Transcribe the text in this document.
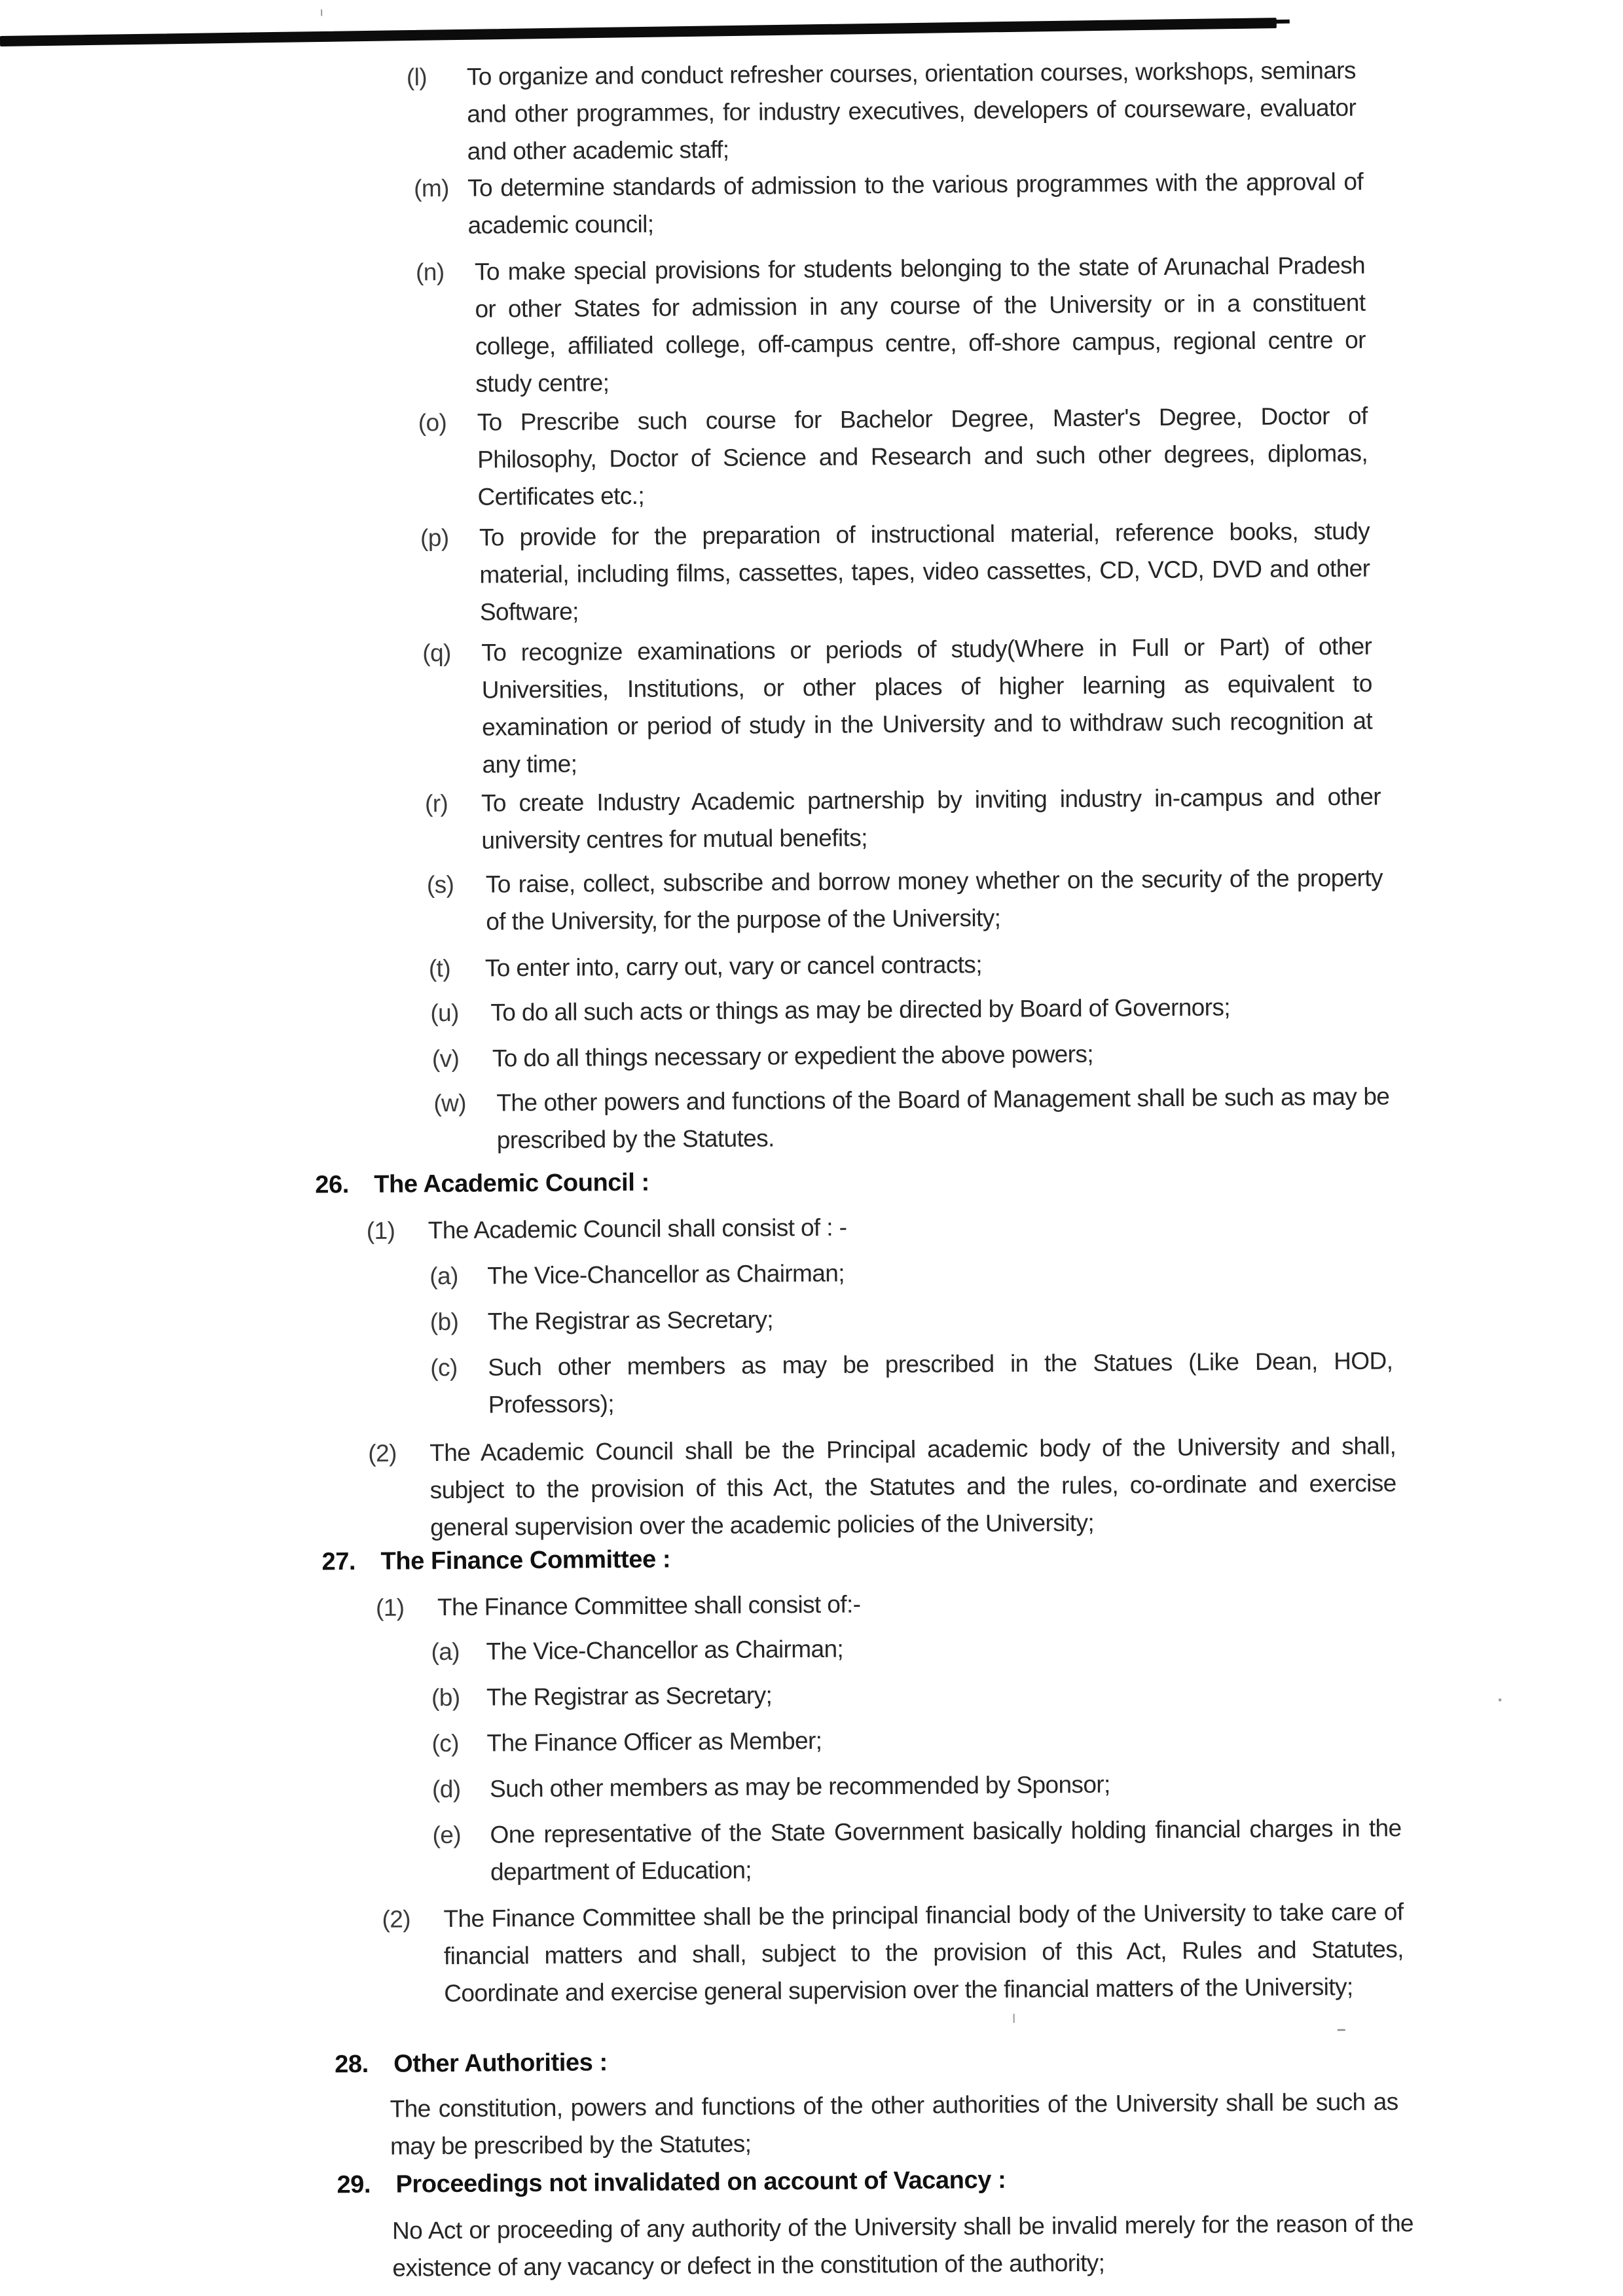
(l)	To organize and conduct refresher courses, orientation courses, workshops, seminars and other programmes, for industry executives, developers of courseware, evaluator and other academic staff;
(m) To determine standards of admission to the various programmes with the approval of academic council;
(n)	To make special provisions for students belonging to the state of Arunachal Pradesh or other States for admission in any course of the University or in a constituent college, affiliated college, off-campus centre, off-shore campus, regional centre or study centre;
(o)	To Prescribe such course for Bachelor Degree, Master's Degree, Doctor of Philosophy, Doctor of Science and Research and such other degrees, diplomas, Certificates etc.;
(p)	To provide for the preparation of instructional material, reference books, study material, including films, cassettes, tapes, video cassettes, CD, VCD, DVD and other Software;
(q)	To recognize examinations or periods of study(Where in Full or Part) of other Universities, Institutions, or other places of higher learning as equivalent to examination or period of study in the University and to withdraw such recognition at any time;
(r)	To create Industry Academic partnership by inviting industry in-campus and other university centres for mutual benefits;
(s)	To raise, collect, subscribe and borrow money whether on the security of the property of the University, for the purpose of the University;
(t)	To enter into, carry out, vary or cancel contracts;
(u)	To do all such acts or things as may be directed by Board of Governors;
(v)	To do all things necessary or expedient the above powers;
(w)	The other powers and functions of the Board of Management shall be such as may be prescribed by the Statutes.
26.	The Academic Council :
(1)	The Academic Council shall consist of : -
(a)	The Vice-Chancellor as Chairman;
(b)	The Registrar as Secretary;
(c)	Such other members as may be prescribed in the Statues (Like Dean, HOD, Professors);
(2)	The Academic Council shall be the Principal academic body of the University and shall, subject to the provision of this Act, the Statutes and the rules, co-ordinate and exercise general supervision over the academic policies of the University;
27.	The Finance Committee :
(1)	The Finance Committee shall consist of:-
(a)	The Vice-Chancellor as Chairman;
(b)	The Registrar as Secretary;
(c)	The Finance Officer as Member;
(d)	Such other members as may be recommended by Sponsor;
(e)	One representative of the State Government basically holding financial charges in the department of Education;
(2)	The Finance Committee shall be the principal financial body of the University to take care of financial matters and shall, subject to the provision of this Act, Rules and Statutes, Coordinate and exercise general supervision over the financial matters of the University;
28.	Other Authorities :
The constitution, powers and functions of the other authorities of the University shall be such as may be prescribed by the Statutes;
29.	Proceedings not invalidated on account of Vacancy :
No Act or proceeding of any authority of the University shall be invalid merely for the reason of the existence of any vacancy or defect in the constitution of the authority;
